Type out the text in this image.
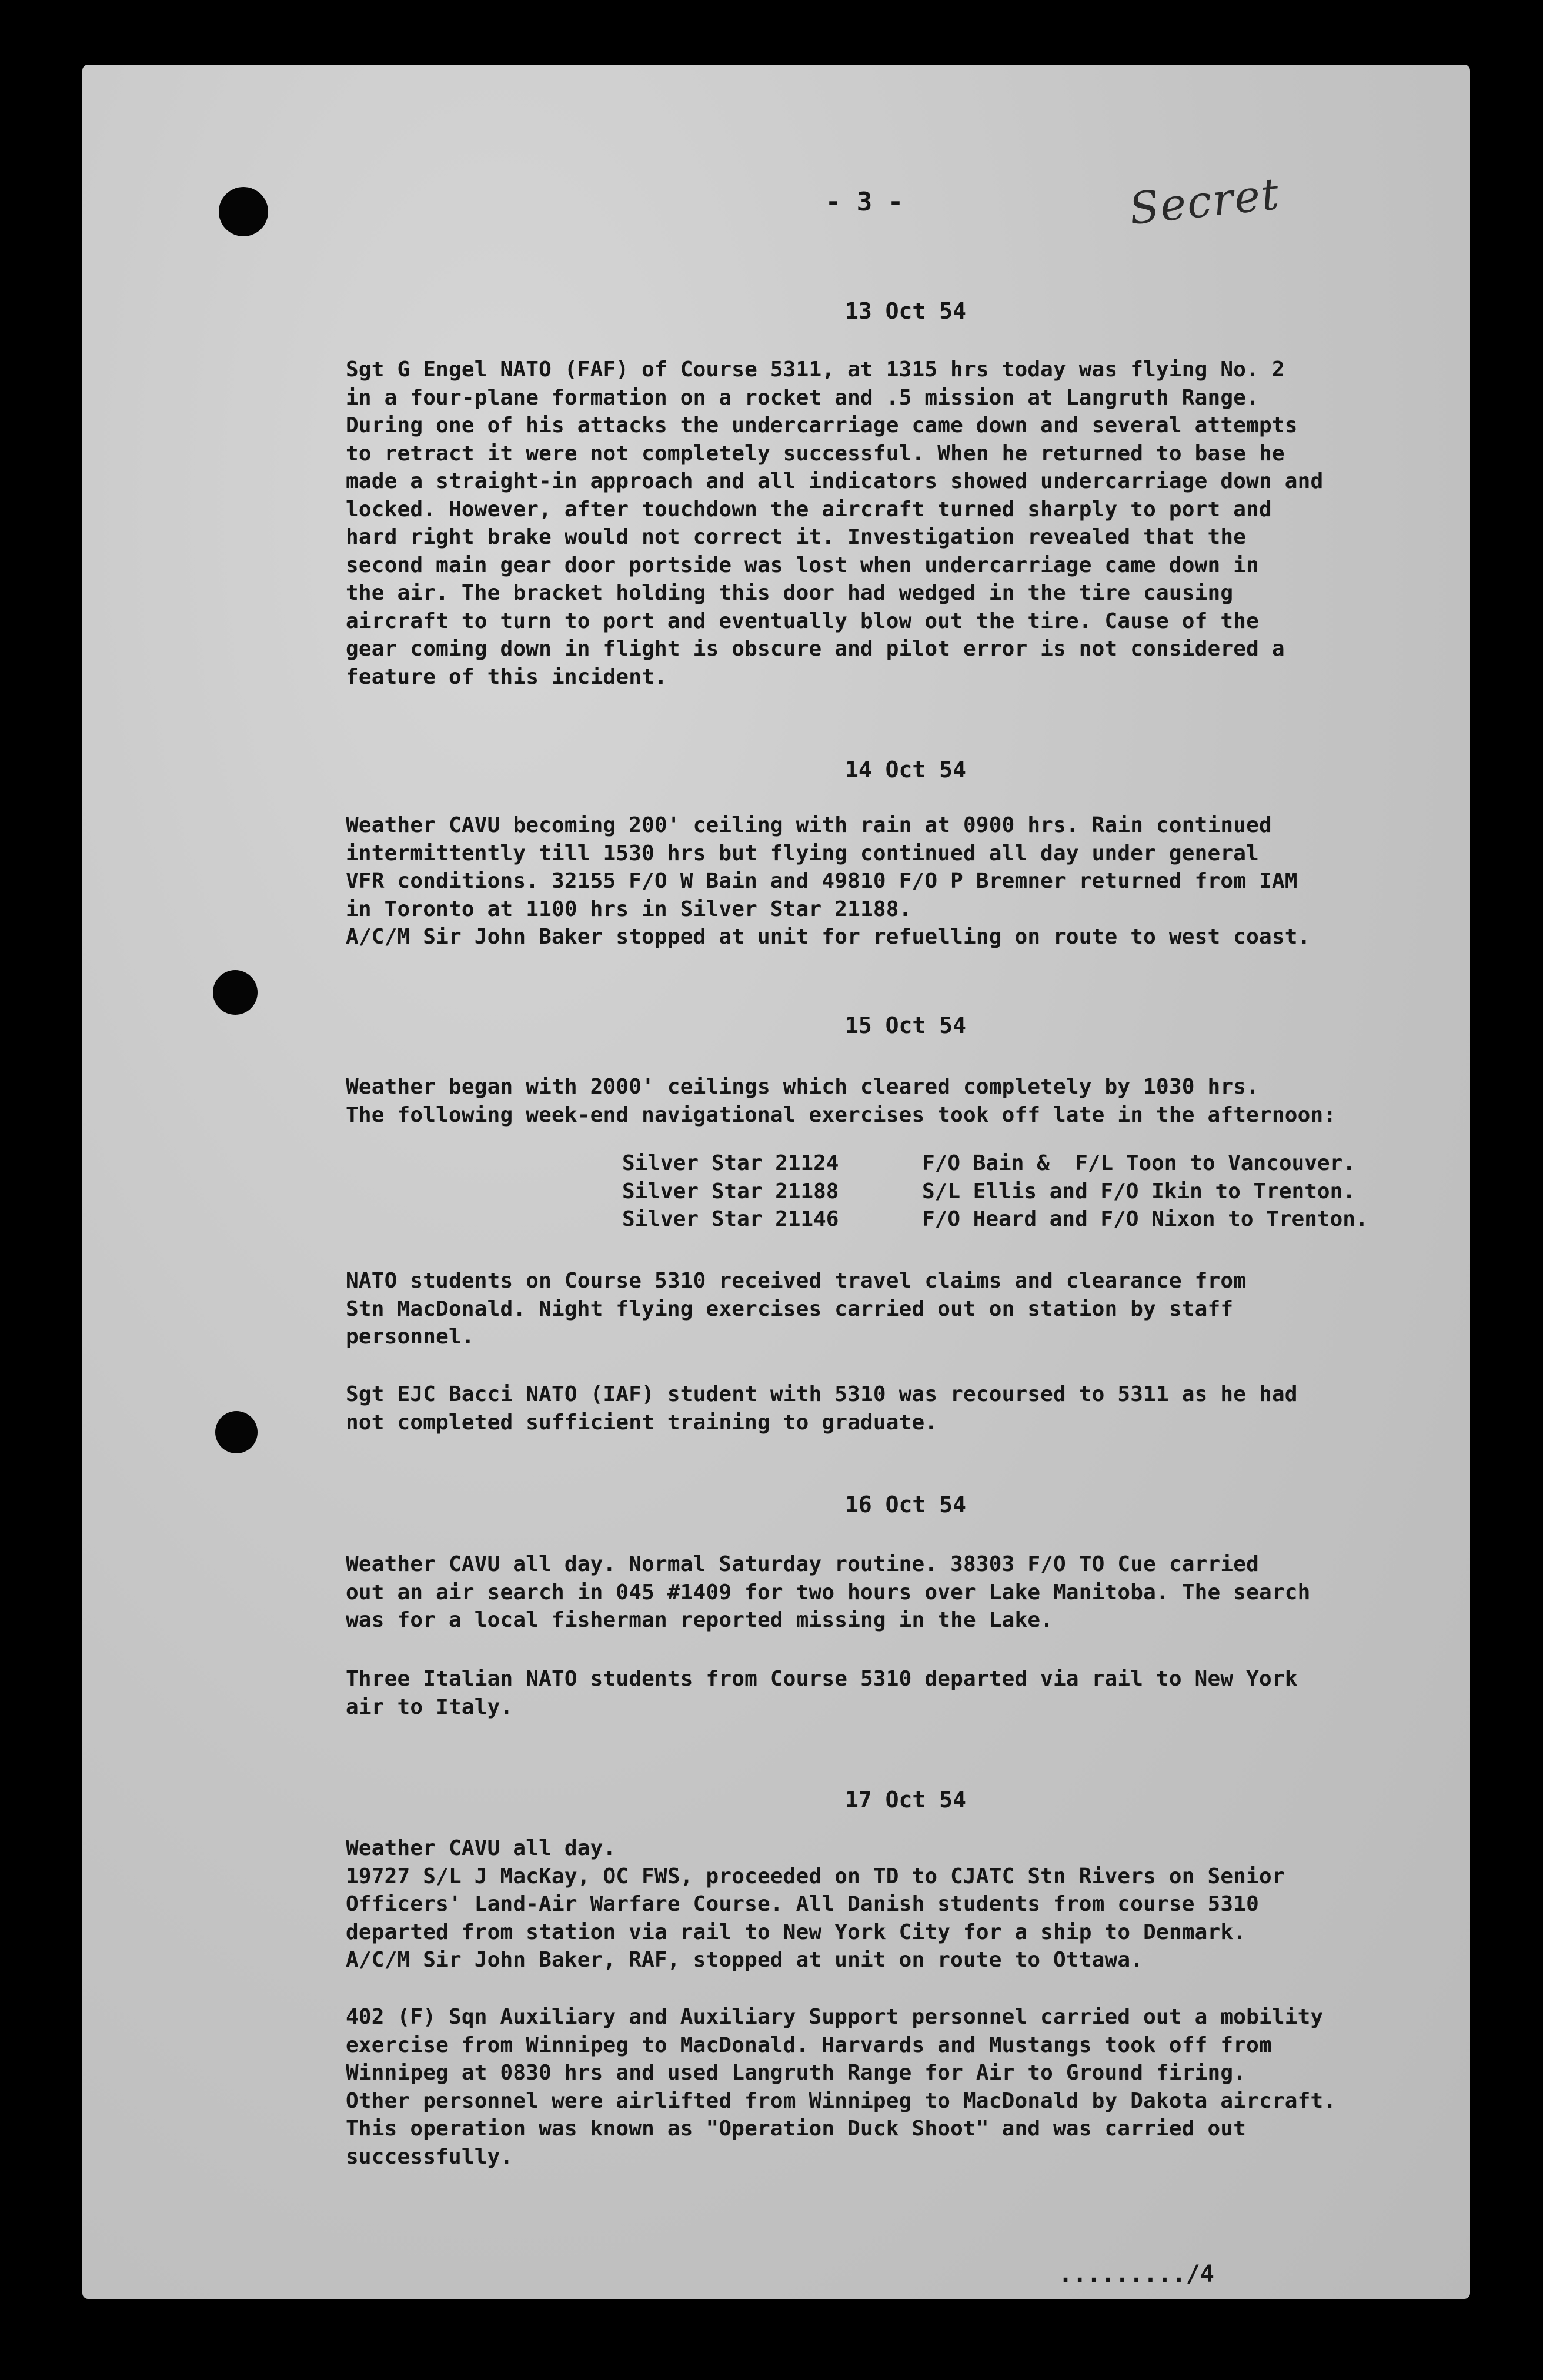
- 3 -	Secret

13 Oct 54

Sgt G Engel NATO (FAF) of Course 5311, at 1315 hrs today was flying No. 2
in a four-plane formation on a rocket and .5 mission at Langruth Range.
During one of his attacks the undercarriage came down and several attempts
to retract it were not completely successful. When he returned to base he
made a straight-in approach and all indicators showed undercarriage down and
locked. However, after touchdown the aircraft turned sharply to port and
hard right brake would not correct it. Investigation revealed that the
second main gear door portside was lost when undercarriage came down in
the air. The bracket holding this door had wedged in the tire causing
aircraft to turn to port and eventually blow out the tire. Cause of the
gear coming down in flight is obscure and pilot error is not considered a
feature of this incident.

14 Oct 54

Weather CAVU becoming 200' ceiling with rain at 0900 hrs. Rain continued
intermittently till 1530 hrs but flying continued all day under general
VFR conditions. 32155 F/O W Bain and 49810 F/O P Bremner returned from IAM
in Toronto at 1100 hrs in Silver Star 21188.
A/C/M Sir John Baker stopped at unit for refuelling on route to west coast.

15 Oct 54

Weather began with 2000' ceilings which cleared completely by 1030 hrs.
The following week-end navigational exercises took off late in the afternoon:

Silver Star 21124	F/O Bain &  F/L Toon to Vancouver.
Silver Star 21188	S/L Ellis and F/O Ikin to Trenton.
Silver Star 21146	F/O Heard and F/O Nixon to Trenton.

NATO students on Course 5310 received travel claims and clearance from
Stn MacDonald. Night flying exercises carried out on station by staff
personnel.

Sgt EJC Bacci NATO (IAF) student with 5310 was recoursed to 5311 as he had
not completed sufficient training to graduate.

16 Oct 54

Weather CAVU all day. Normal Saturday routine. 38303 F/O TO Cue carried
out an air search in 045 #1409 for two hours over Lake Manitoba. The search
was for a local fisherman reported missing in the Lake.

Three Italian NATO students from Course 5310 departed via rail to New York
air to Italy.

17 Oct 54

Weather CAVU all day.
19727 S/L J MacKay, OC FWS, proceeded on TD to CJATC Stn Rivers on Senior
Officers' Land-Air Warfare Course. All Danish students from course 5310
departed from station via rail to New York City for a ship to Denmark.
A/C/M Sir John Baker, RAF, stopped at unit on route to Ottawa.

402 (F) Sqn Auxiliary and Auxiliary Support personnel carried out a mobility
exercise from Winnipeg to MacDonald. Harvards and Mustangs took off from
Winnipeg at 0830 hrs and used Langruth Range for Air to Ground firing.
Other personnel were airlifted from Winnipeg to MacDonald by Dakota aircraft.
This operation was known as "Operation Duck Shoot" and was carried out
successfully.

........./4
